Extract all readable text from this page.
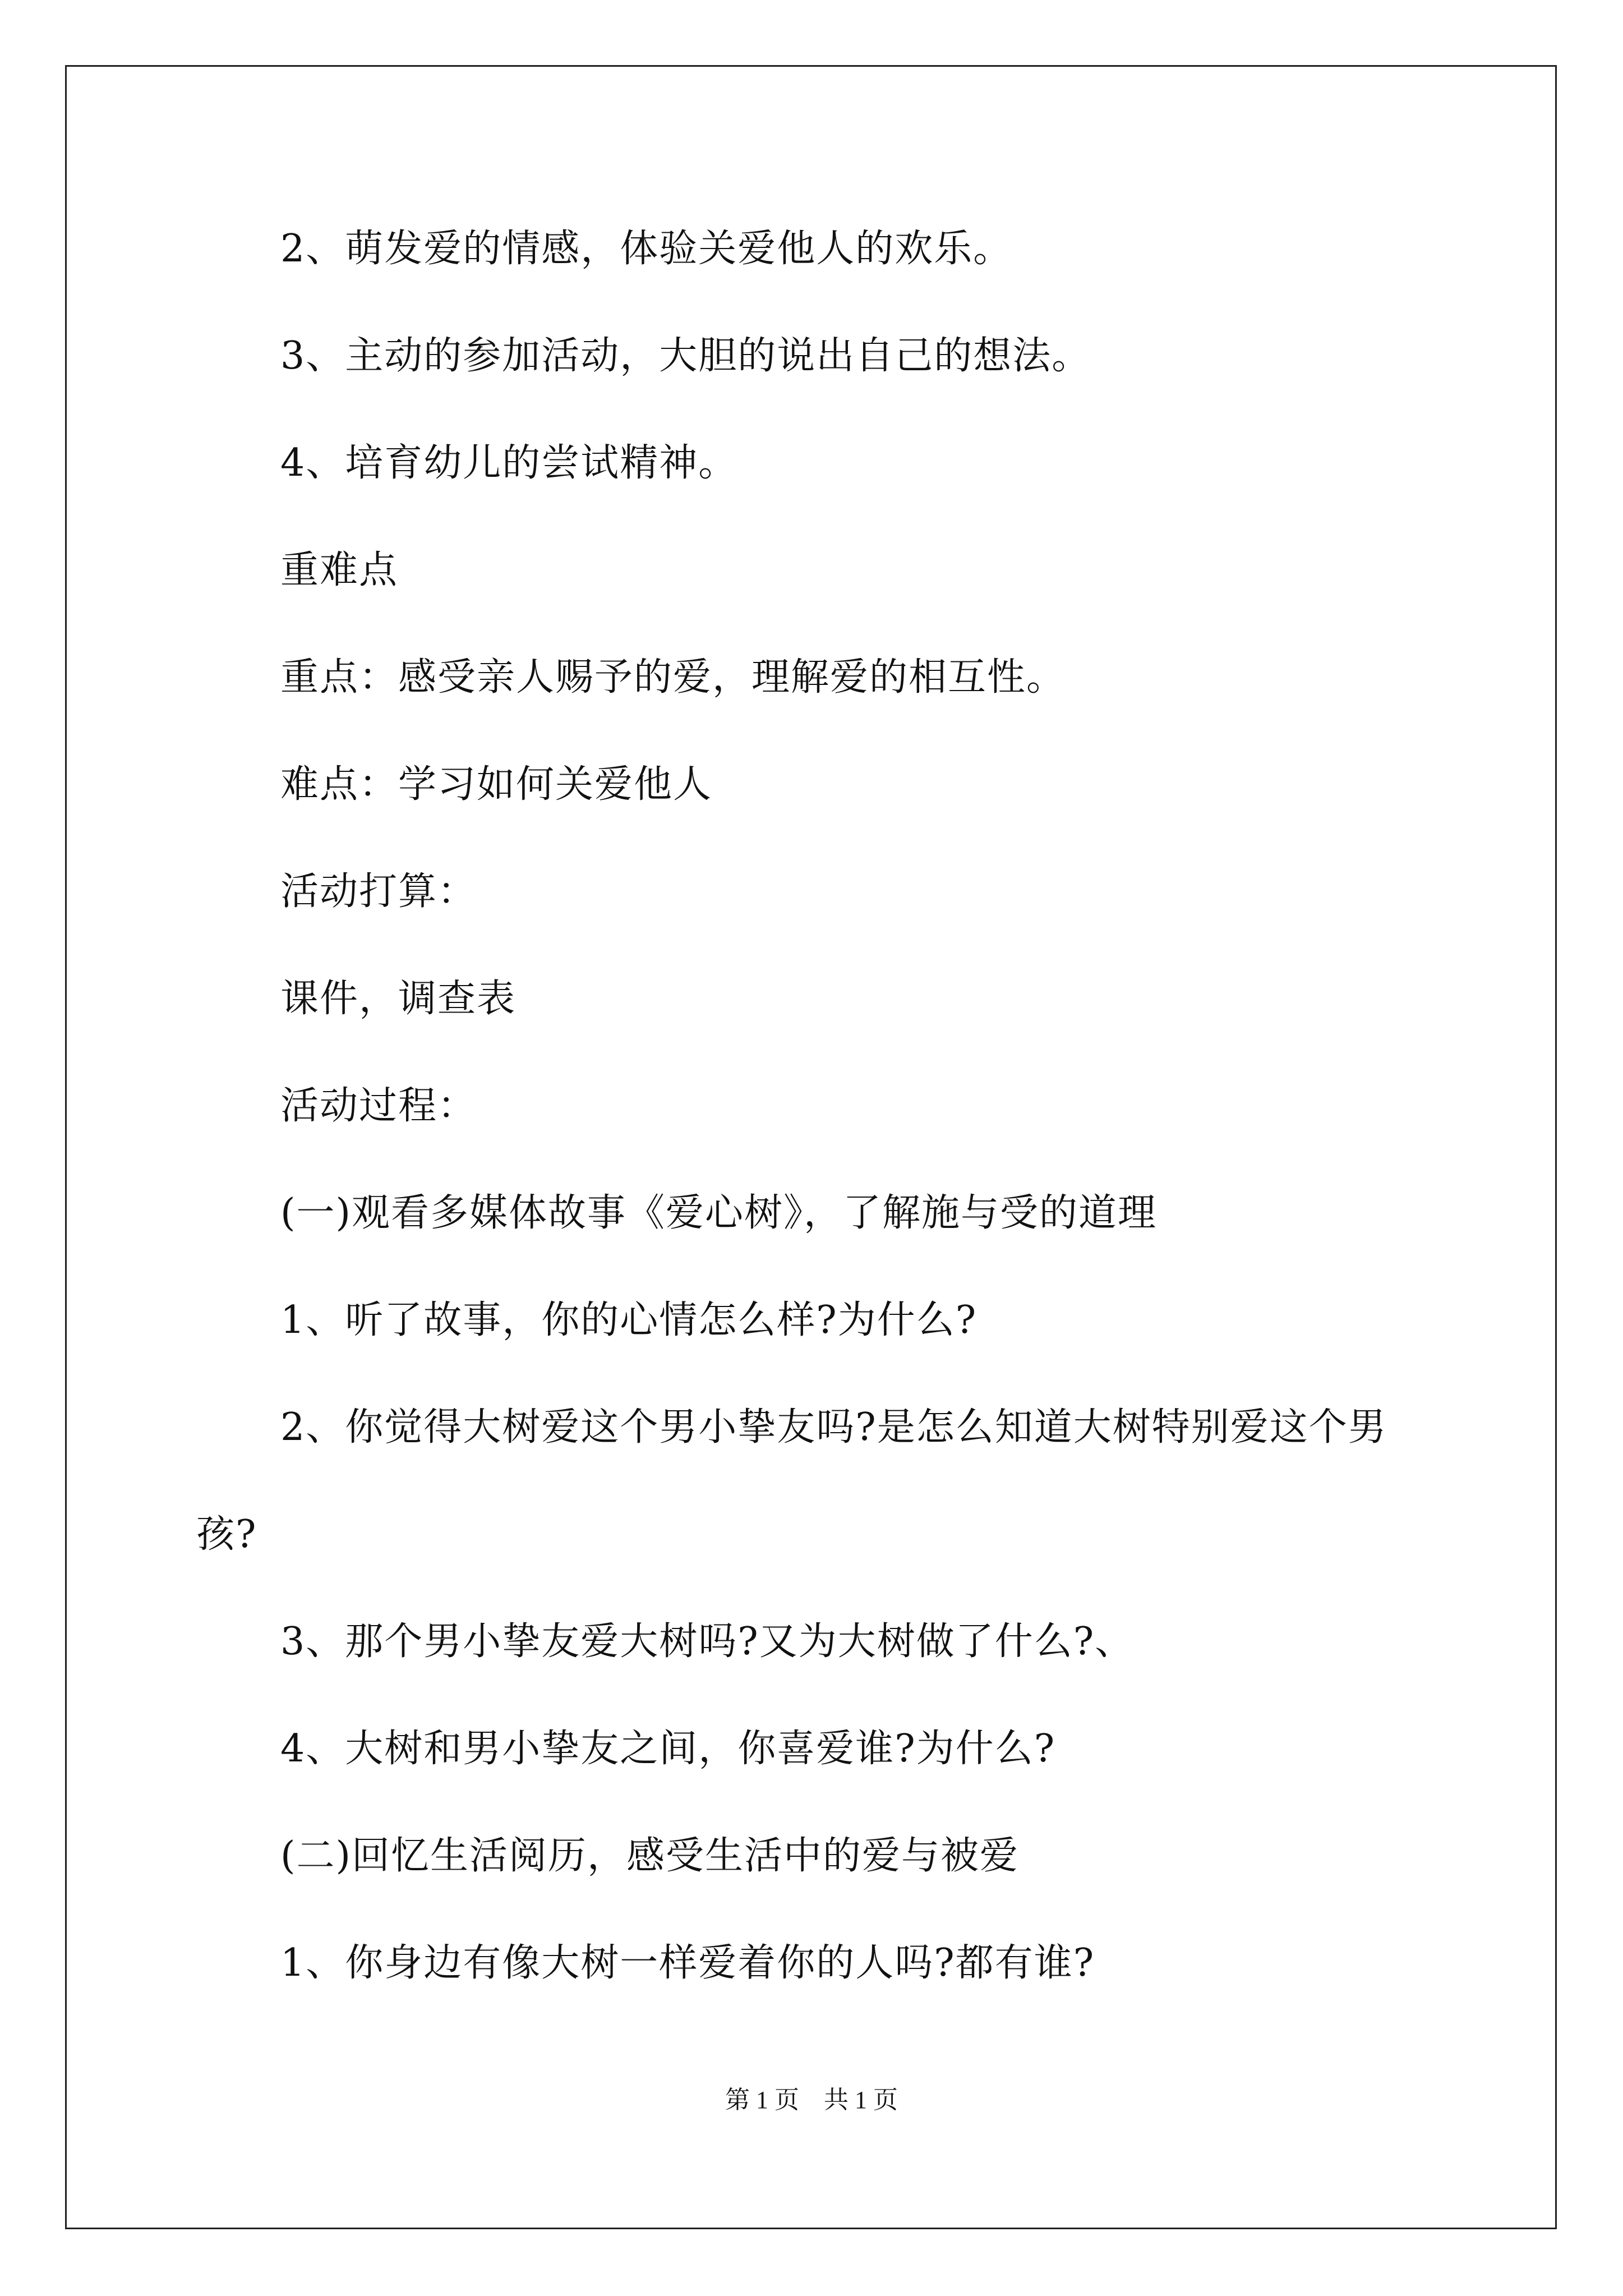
2、萌发爱的情感，体验关爱他人的欢乐。
3、主动的参加活动，大胆的说出自己的想法。
4、培育幼儿的尝试精神。
重难点
重点：感受亲人赐予的爱，理解爱的相互性。
难点：学习如何关爱他人
活动打算：
课件，调查表
活动过程：
(一)观看多媒体故事《爱心树》，了解施与受的道理
1、听了故事，你的心情怎么样?为什么?
2、你觉得大树爱这个男小挚友吗?是怎么知道大树特别爱这个男
孩?
3、那个男小挚友爱大树吗?又为大树做了什么?、
4、大树和男小挚友之间，你喜爱谁?为什么?
(二)回忆生活阅历，感受生活中的爱与被爱
1、你身边有像大树一样爱着你的人吗?都有谁?
第 1 页    共 1 页
